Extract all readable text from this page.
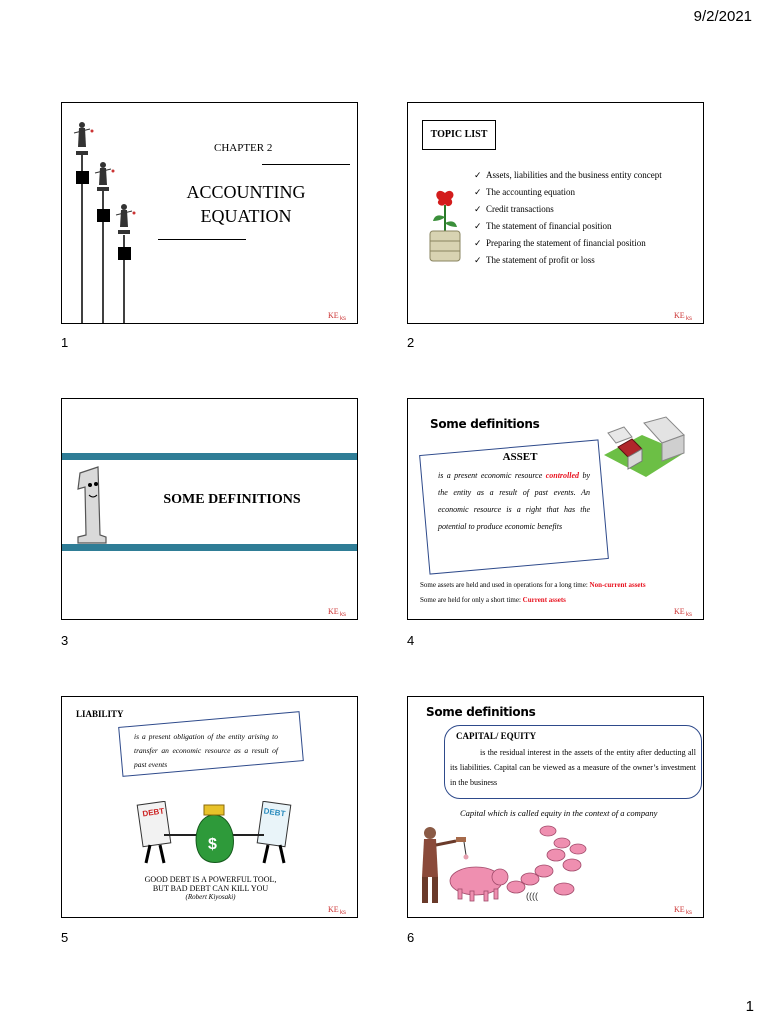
9/2/2021
CHAPTER 2
ACCOUNTING
EQUATION
KE ks
1
TOPIC LIST
✓ Assets, liabilities and the business entity concept
✓ The accounting equation
✓ Credit transactions
✓ The statement of financial position
✓ Preparing the statement of financial position
✓ The statement of profit or loss
KE ks
2
SOME DEFINITIONS
KE ks
3
Some definitions
ASSET
is a present economic resource controlled by the entity as a result of past events. An economic resource is a right that has the potential to produce economic benefits
Some assets are held and used in operations for a long time: Non-current assets
Some are held for only a short time: Current assets
KE ks
4
LIABILITY
is a present obligation of the entity arising to transfer an economic resource as a result of past events
DEBT	DEBT
$
GOOD DEBT IS A POWERFUL TOOL,
BUT BAD DEBT CAN KILL YOU
(Robert Kiyosaki)
KE ks
5
Some definitions
CAPITAL/ EQUITY
is the residual interest in the assets of the entity after deducting all its liabilities. Capital can be viewed as a measure of the owner’s investment in the business
Capital which is called equity in the context of a company
((((
KE ks
6
1
